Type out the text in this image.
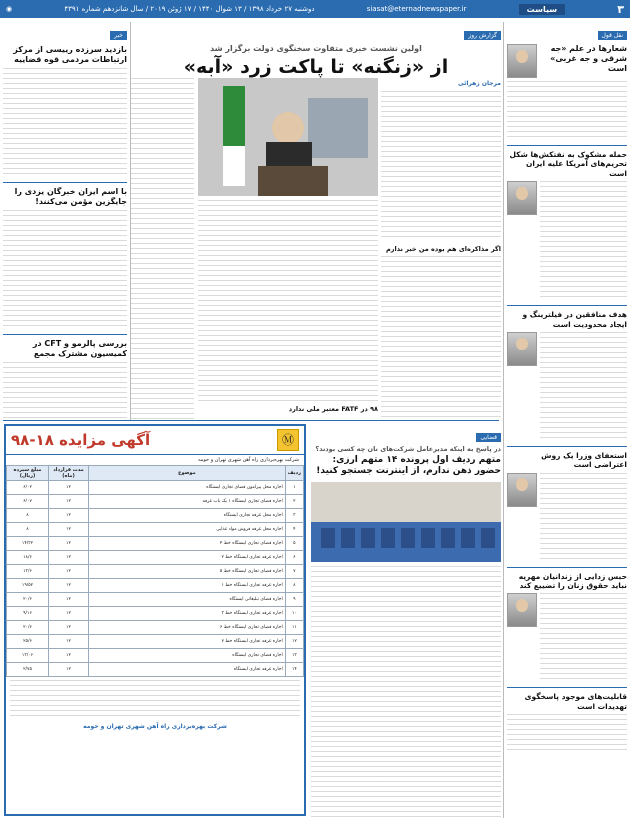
۳
سیاست
siasat@eternadnewspaper.ir
دوشنبه ۲۷ خرداد ۱۳۹۸ / ۱۳ شوال ۱۴۴۰ / ۱۷ ژوئن ۲۰۱۹ / سال شانزدهم شماره ۴۳۹۱
◉
نقل قول
شعارها در علم «جه شرقی و جه غربی» است
حمله مشکوک به نفتکش‌ها شکل تحریم‌های آمریکا علیه ایران است
هدف منافقین در فیلترینگ و ایجاد محدودیت است
استعفای وزرا یک روش اعتراضی است
حبس زدایی از زندانیان مهریه نباید حقوق زنان را تضییع کند
قابلیت‌های موجود پاسخگوی تهدیدات است
گزارش روز
اولین نشست خبری متفاوت سخنگوی دولت برگزار شد
از «زنگنه» تا پاکت زرد «آبه»
مرجان زهرائی
اگر مذاکره‌ای هم بوده من خبر ندارم
۹۸ در FATF معتبر ملی ندارد
خبر
بازدید سرزده رییسی از مرکز ارتباطات مردمی قوه قضاییه
با اسم ایران خبرگان یزدی را جایگزین مؤمن می‌کنند!
بررسی پالرمو و CFT در کمیسیون مشترک مجمع
قضایی
در پاسخ به اینکه مدیرعامل شرکت‌های نان چه کسی بودند؟
متهم ردیف اول پرونده ۱۴ متهم ارزی: حضور ذهن ندارم، از اینترنت جستجو کنید!
Ⓜ
آگهی مزایده ۱۸-۹۸
شرکت بهره‌برداری راه آهن شهری تهران و حومه
ردیف	موضوع	مدت قرارداد (ماه)	مبلغ سپرده (ریال)
۱	اجاره محل پیرامون فضای تجاری ایستگاه	۱۲	۶/۰۲
۲	اجاره فضای تجاری ایستگاه ۱ یک باب غرفه	۱۲	۶/۰۷
۳	اجاره محل غرفه تجاری ایستگاه	۱۲	۸
۴	اجاره محل غرفه فروش مواد غذایی	۱۲	۸
۵	اجاره فضای تجاری ایستگاه خط ۴	۱۲	۱۴/۳۲
۶	اجاره غرفه تجاری ایستگاه خط ۲	۱۲	۱۸/۶
۷	اجاره فضای تجاری ایستگاه خط ۵	۱۲	۱۳/۶
۸	اجاره غرفه تجاری ایستگاه خط ۱	۱۲	۱۹/۵۲
۹	اجاره فضای تبلیغاتی ایستگاه	۱۲	۲۰/۶
۱۰	اجاره غرفه تجاری ایستگاه خط ۳	۱۲	۹/۱۶
۱۱	اجاره فضای تجاری ایستگاه خط ۶	۱۲	۲۰/۶
۱۲	اجاره غرفه تجاری ایستگاه خط ۷	۱۲	۲۵/۶
۱۳	اجاره فضای تجاری ایستگاه	۱۲	۱۳/۰۶
۱۴	اجاره غرفه تجاری ایستگاه	۱۲	۲/۷۵
شرکت بهره‌برداری راه آهن شهری تهران و حومه
